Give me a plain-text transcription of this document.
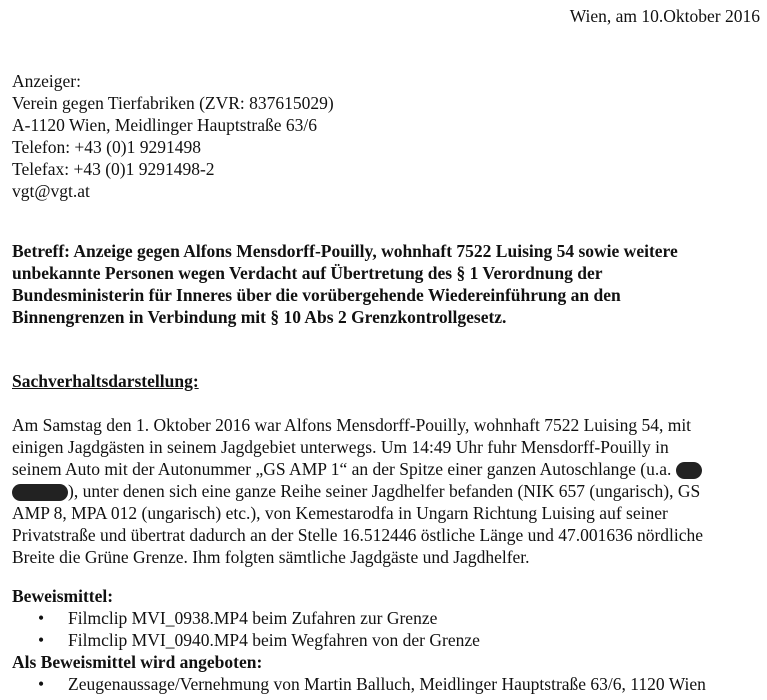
Wien, am 10.Oktober 2016
Anzeiger:
Verein gegen Tierfabriken (ZVR: 837615029)
A-1120 Wien, Meidlinger Hauptstraße 63/6
Telefon: +43 (0)1 9291498
Telefax: +43 (0)1 9291498-2
vgt@vgt.at
Betreff: Anzeige gegen Alfons Mensdorff-Pouilly, wohnhaft 7522 Luising 54 sowie weitere
unbekannte Personen wegen Verdacht auf Übertretung des § 1 Verordnung der
Bundesministerin für Inneres über die vorübergehende Wiedereinführung an den
Binnengrenzen in Verbindung mit § 10 Abs 2 Grenzkontrollgesetz.
Sachverhaltsdarstellung:
Am Samstag den 1. Oktober 2016 war Alfons Mensdorff-Pouilly, wohnhaft 7522 Luising 54, mit
einigen Jagdgästen in seinem Jagdgebiet unterwegs. Um 14:49 Uhr fuhr Mensdorff-Pouilly in
seinem Auto mit der Autonummer „GS AMP 1“ an der Spitze einer ganzen Autoschlange (u.a.
), unter denen sich eine ganze Reihe seiner Jagdhelfer befanden (NIK 657 (ungarisch), GS
AMP 8, MPA 012 (ungarisch) etc.), von Kemestarodfa in Ungarn Richtung Luising auf seiner
Privatstraße und übertrat dadurch an der Stelle 16.512446 östliche Länge und 47.001636 nördliche
Breite die Grüne Grenze. Ihm folgten sämtliche Jagdgäste und Jagdhelfer.
Beweismittel:
• Filmclip MVI_0938.MP4 beim Zufahren zur Grenze
• Filmclip MVI_0940.MP4 beim Wegfahren von der Grenze
Als Beweismittel wird angeboten:
• Zeugenaussage/Vernehmung von Martin Balluch, Meidlinger Hauptstraße 63/6, 1120 Wien
